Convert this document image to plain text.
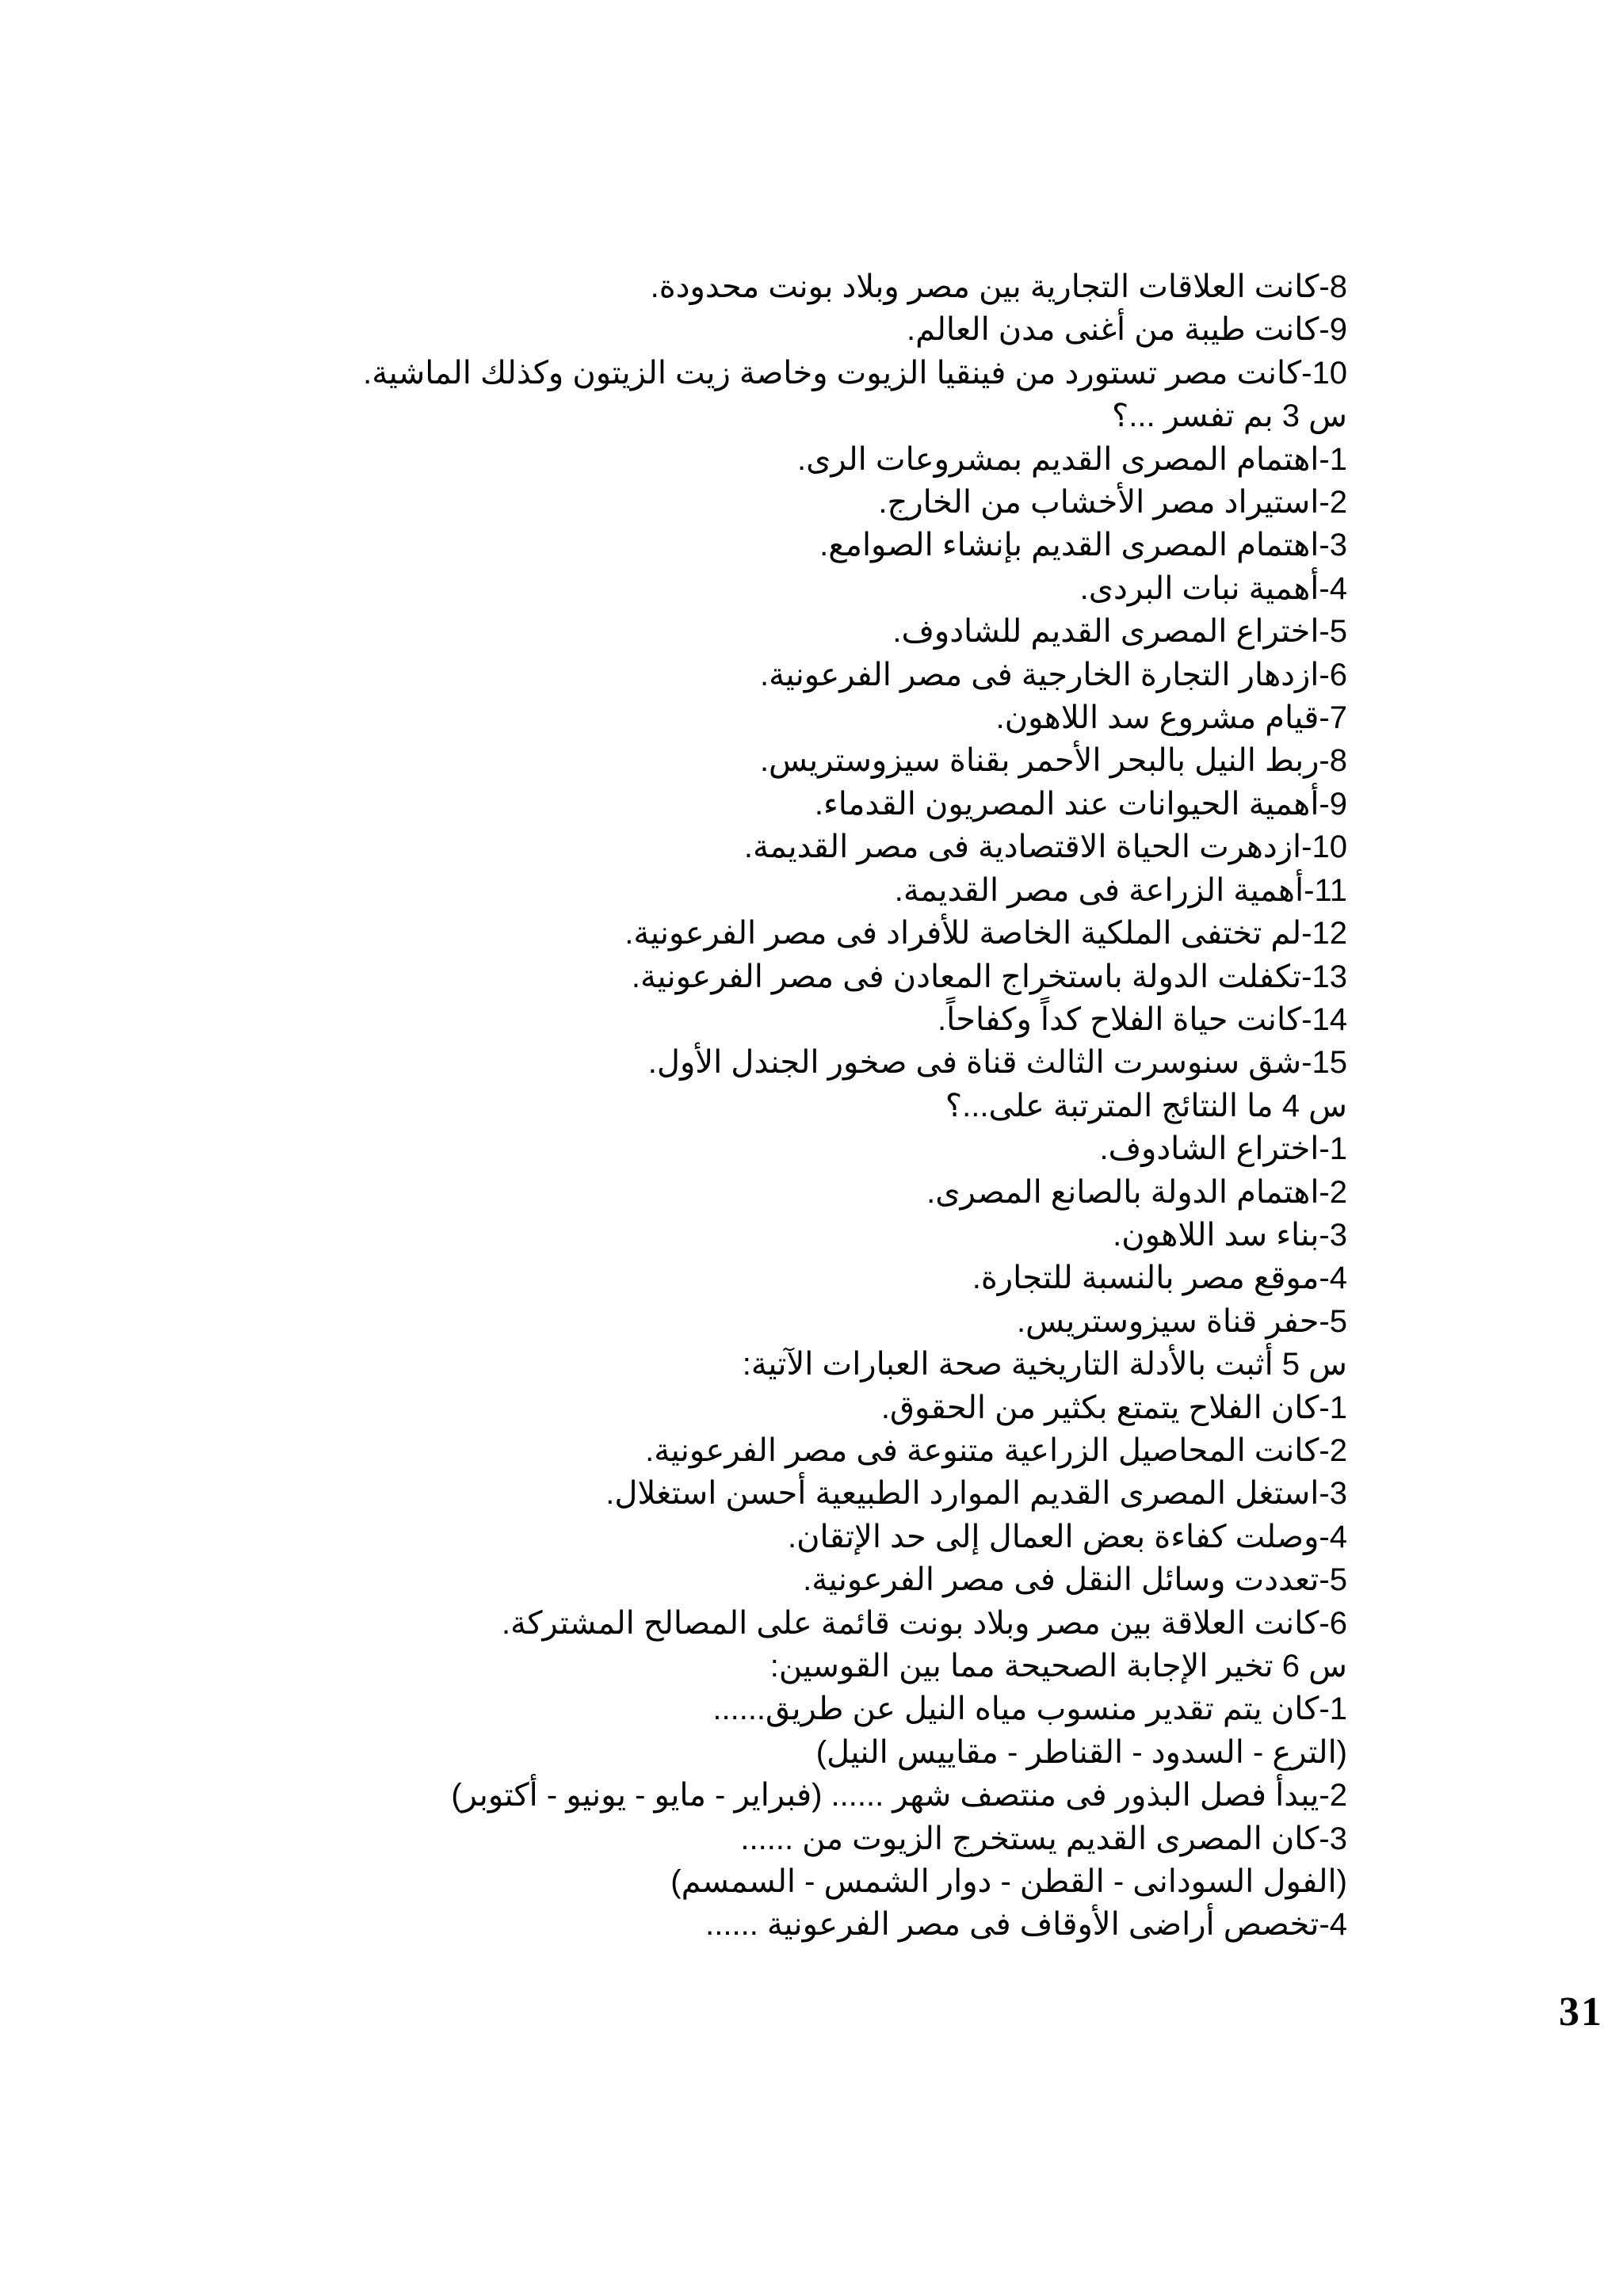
8-كانت العلاقات التجارية بين مصر وبلاد بونت محدودة.
9-كانت طيبة من أغنى مدن العالم.
10-كانت مصر تستورد من فينقيا الزيوت وخاصة زيت الزيتون وكذلك الماشية.
س 3 بم تفسر ...؟
1-اهتمام المصرى القديم بمشروعات الرى.
2-استيراد مصر الأخشاب من الخارج.
3-اهتمام المصرى القديم بإنشاء الصوامع.
4-أهمية نبات البردى.
5-اختراع المصرى القديم للشادوف.
6-ازدهار التجارة الخارجية فى مصر الفرعونية.
7-قيام مشروع سد اللاهون.
8-ربط النيل بالبحر الأحمر بقناة سيزوستريس.
9-أهمية الحيوانات عند المصريون القدماء.
10-ازدهرت الحياة الاقتصادية فى مصر القديمة.
11-أهمية الزراعة فى مصر القديمة.
12-لم تختفى الملكية الخاصة للأفراد فى مصر الفرعونية.
13-تكفلت الدولة باستخراج المعادن فى مصر الفرعونية.
14-كانت حياة الفلاح كداً وكفاحاً.
15-شق سنوسرت الثالث قناة فى صخور الجندل الأول.
س 4 ما النتائج المترتبة على...؟
1-اختراع الشادوف.
2-اهتمام الدولة بالصانع المصرى.
3-بناء سد اللاهون.
4-موقع مصر بالنسبة للتجارة.
5-حفر قناة سيزوستريس.
س 5 أثبت بالأدلة التاريخية صحة العبارات الآتية:
1-كان الفلاح يتمتع بكثير من الحقوق.
2-كانت المحاصيل الزراعية متنوعة فى مصر الفرعونية.
3-استغل المصرى القديم الموارد الطبيعية أحسن استغلال.
4-وصلت كفاءة بعض العمال إلى حد الإتقان.
5-تعددت وسائل النقل فى مصر الفرعونية.
6-كانت العلاقة بين مصر وبلاد بونت قائمة على المصالح المشتركة.
س 6 تخير الإجابة الصحيحة مما بين القوسين:
1-كان يتم تقدير منسوب مياه النيل عن طريق......
(الترع - السدود - القناطر - مقاييس النيل)
2-يبدأ فصل البذور فى منتصف شهر ...... (فبراير - مايو - يونيو - أكتوبر)
3-كان المصرى القديم يستخرج الزيوت من ......
(الفول السودانى - القطن - دوار الشمس - السمسم)
4-تخصص أراضى الأوقاف فى مصر الفرعونية ......
31
